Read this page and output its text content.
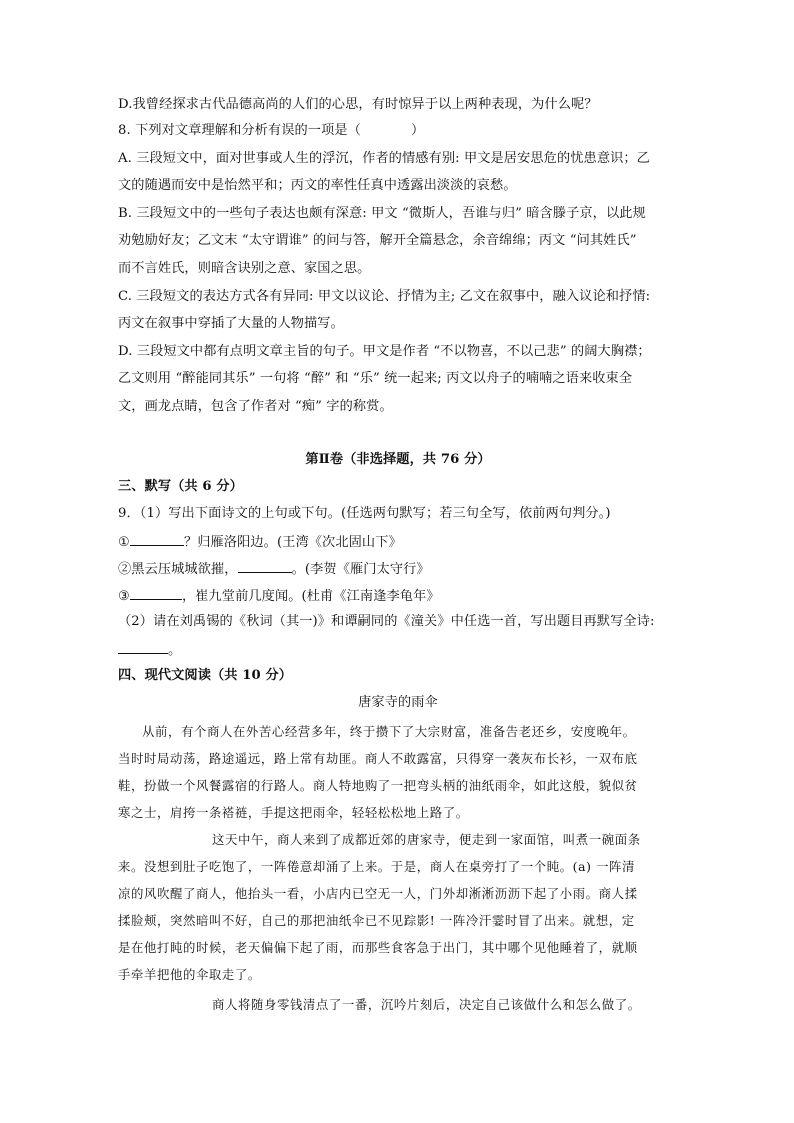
D.我曾经探求古代品德高尚的人们的心思，有时惊异于以上两种表现，为什么呢？
8. 下列对文章理解和分析有误的一项是（	）
A. 三段短文中，面对世事或人生的浮沉，作者的情感有别: 甲文是居安思危的忧患意识；乙
文的随遇而安中是怡然平和；丙文的率性任真中透露出淡淡的哀愁。
B. 三段短文中的一些句子表达也颇有深意: 甲文 “微斯人，吾谁与归” 暗含滕子京，以此规
劝勉励好友；乙文末 “太守谓谁” 的问与答，解开全篇悬念，余音绵绵；丙文 “问其姓氏”
而不言姓氏，则暗含诀别之意、家国之思。
C. 三段短文的表达方式各有异同: 甲文以议论、抒情为主; 乙文在叙事中，融入议论和抒情:
丙文在叙事中穿插了大量的人物描写。
D. 三段短文中都有点明文章主旨的句子。甲文是作者 “不以物喜，不以己悲” 的阔大胸襟；
乙文则用 “醉能同其乐” 一句将 “醉” 和 “乐” 统一起来; 丙文以舟子的喃喃之语来收束全
文，画龙点睛，包含了作者对 “痴” 字的称赏。
第Ⅱ卷（非选择题，共 76 分）
三、默写（共 6 分）
9．（1）写出下面诗文的上句或下句。(任选两句默写；若三句全写，依前两句判分。)
①	？归雁洛阳边。(王湾《次北固山下》
②黑云压城城欲摧，	。(李贺《雁门太守行》
③	，崔九堂前几度闻。(杜甫《江南逢李龟年》
（2）请在刘禹锡的《秋词（其一)》和谭嗣同的《潼关》中任选一首，写出题目再默写全诗:
。
四、现代文阅读（共 10 分）
唐家寺的雨伞
从前，有个商人在外苦心经营多年，终于攒下了大宗财富，准备告老还乡，安度晚年。
当时时局动荡，路途遥远，路上常有劫匪。商人不敢露富，只得穿一袭灰布长衫，一双布底
鞋，扮做一个风餐露宿的行路人。商人特地购了一把弯头柄的油纸雨伞，如此这般，貌似贫
寒之士，肩挎一条褡裢，手提这把雨伞，轻轻松松地上路了。
这天中午，商人来到了成都近郊的唐家寺，便走到一家面馆，叫煮一碗面条
来。没想到肚子吃饱了，一阵倦意却涌了上来。于是，商人在桌旁打了一个盹。(a) 一阵清
凉的风吹醒了商人，他抬头一看，小店内已空无一人，门外却淅淅沥沥下起了小雨。商人揉
揉脸颊，突然暗叫不好，自己的那把油纸伞已不见踪影! 一阵冷汗霎时冒了出来。就想，定
是在他打盹的时候，老天偏偏下起了雨，而那些食客急于出门，其中哪个见他睡着了，就顺
手牵羊把他的伞取走了。
商人将随身零钱清点了一番，沉吟片刻后，决定自己该做什么和怎么做了。
